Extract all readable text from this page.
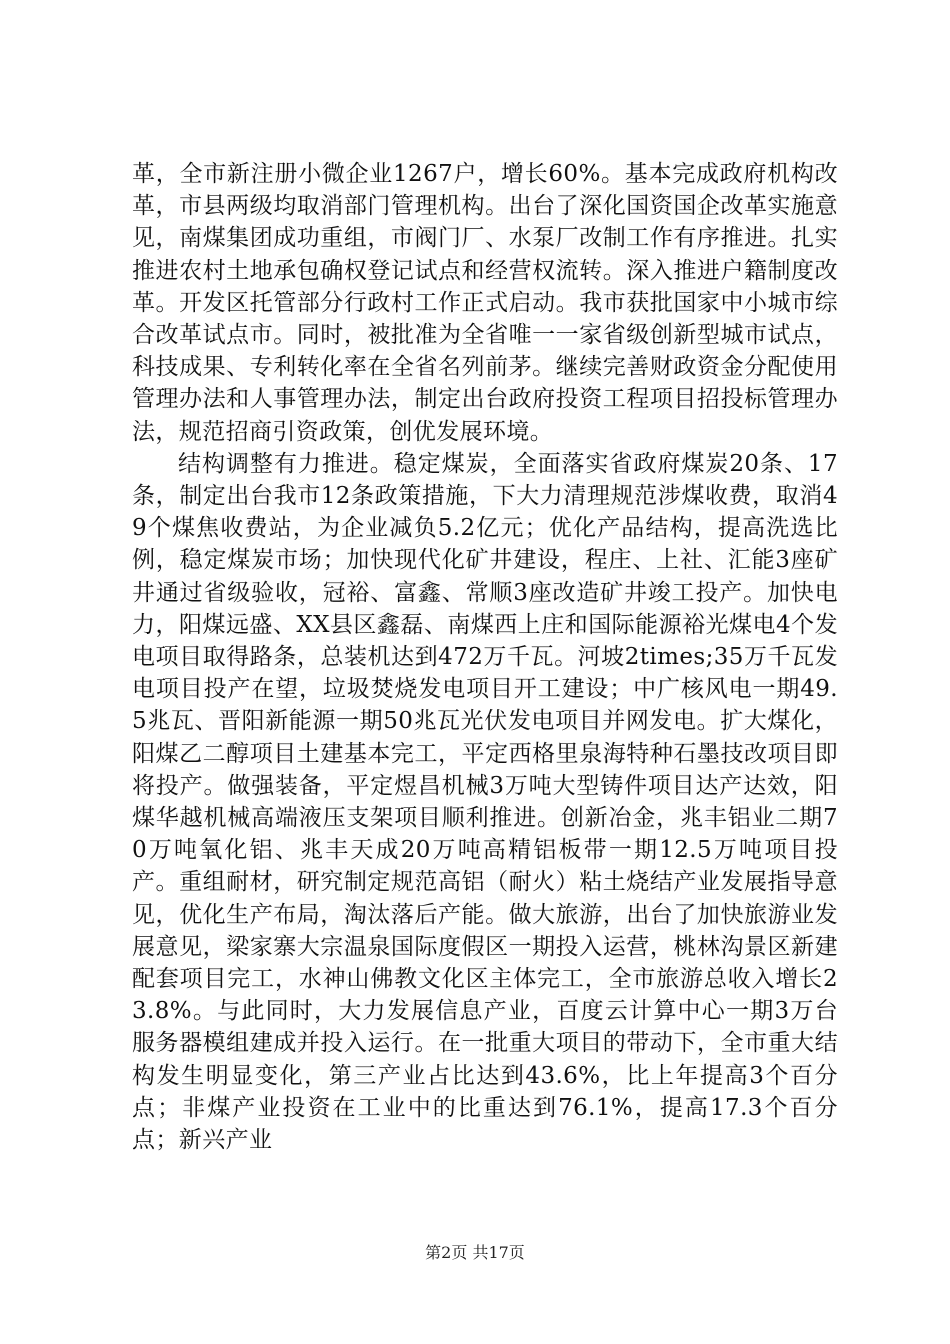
革，全市新注册小微企业1267户，增长60%。基本完成政府机构改革，市县两级均取消部门管理机构。出台了深化国资国企改革实施意见，南煤集团成功重组，市阀门厂、水泵厂改制工作有序推进。扎实推进农村土地承包确权登记试点和经营权流转。深入推进户籍制度改革。开发区托管部分行政村工作正式启动。我市获批国家中小城市综合改革试点市。同时，被批准为全省唯一一家省级创新型城市试点，科技成果、专利转化率在全省名列前茅。继续完善财政资金分配使用管理办法和人事管理办法，制定出台政府投资工程项目招投标管理办法，规范招商引资政策，创优发展环境。

结构调整有力推进。稳定煤炭，全面落实省政府煤炭20条、17条，制定出台我市12条政策措施，下大力清理规范涉煤收费，取消49个煤焦收费站，为企业减负5.2亿元；优化产品结构，提高洗选比例，稳定煤炭市场；加快现代化矿井建设，程庄、上社、汇能3座矿井通过省级验收，冠裕、富鑫、常顺3座改造矿井竣工投产。加快电力，阳煤远盛、XX县区鑫磊、南煤西上庄和国际能源裕光煤电4个发电项目取得路条，总装机达到472万千瓦。河坡2times;35万千瓦发电项目投产在望，垃圾焚烧发电项目开工建设；中广核风电一期49.5兆瓦、晋阳新能源一期50兆瓦光伏发电项目并网发电。扩大煤化，阳煤乙二醇项目土建基本完工，平定西格里泉海特种石墨技改项目即将投产。做强装备，平定煜昌机械3万吨大型铸件项目达产达效，阳煤华越机械高端液压支架项目顺利推进。创新冶金，兆丰铝业二期70万吨氧化铝、兆丰天成20万吨高精铝板带一期12.5万吨项目投产。重组耐材，研究制定规范高铝（耐火）粘土烧结产业发展指导意见，优化生产布局，淘汰落后产能。做大旅游，出台了加快旅游业发展意见，梁家寨大宗温泉国际度假区一期投入运营，桃林沟景区新建配套项目完工，水神山佛教文化区主体完工，全市旅游总收入增长23.8%。与此同时，大力发展信息产业，百度云计算中心一期3万台服务器模组建成并投入运行。在一批重大项目的带动下，全市重大结构发生明显变化，第三产业占比达到43.6%，比上年提高3个百分点；非煤产业投资在工业中的比重达到76.1%，提高17.3个百分点；新兴产业

第2页 共17页
